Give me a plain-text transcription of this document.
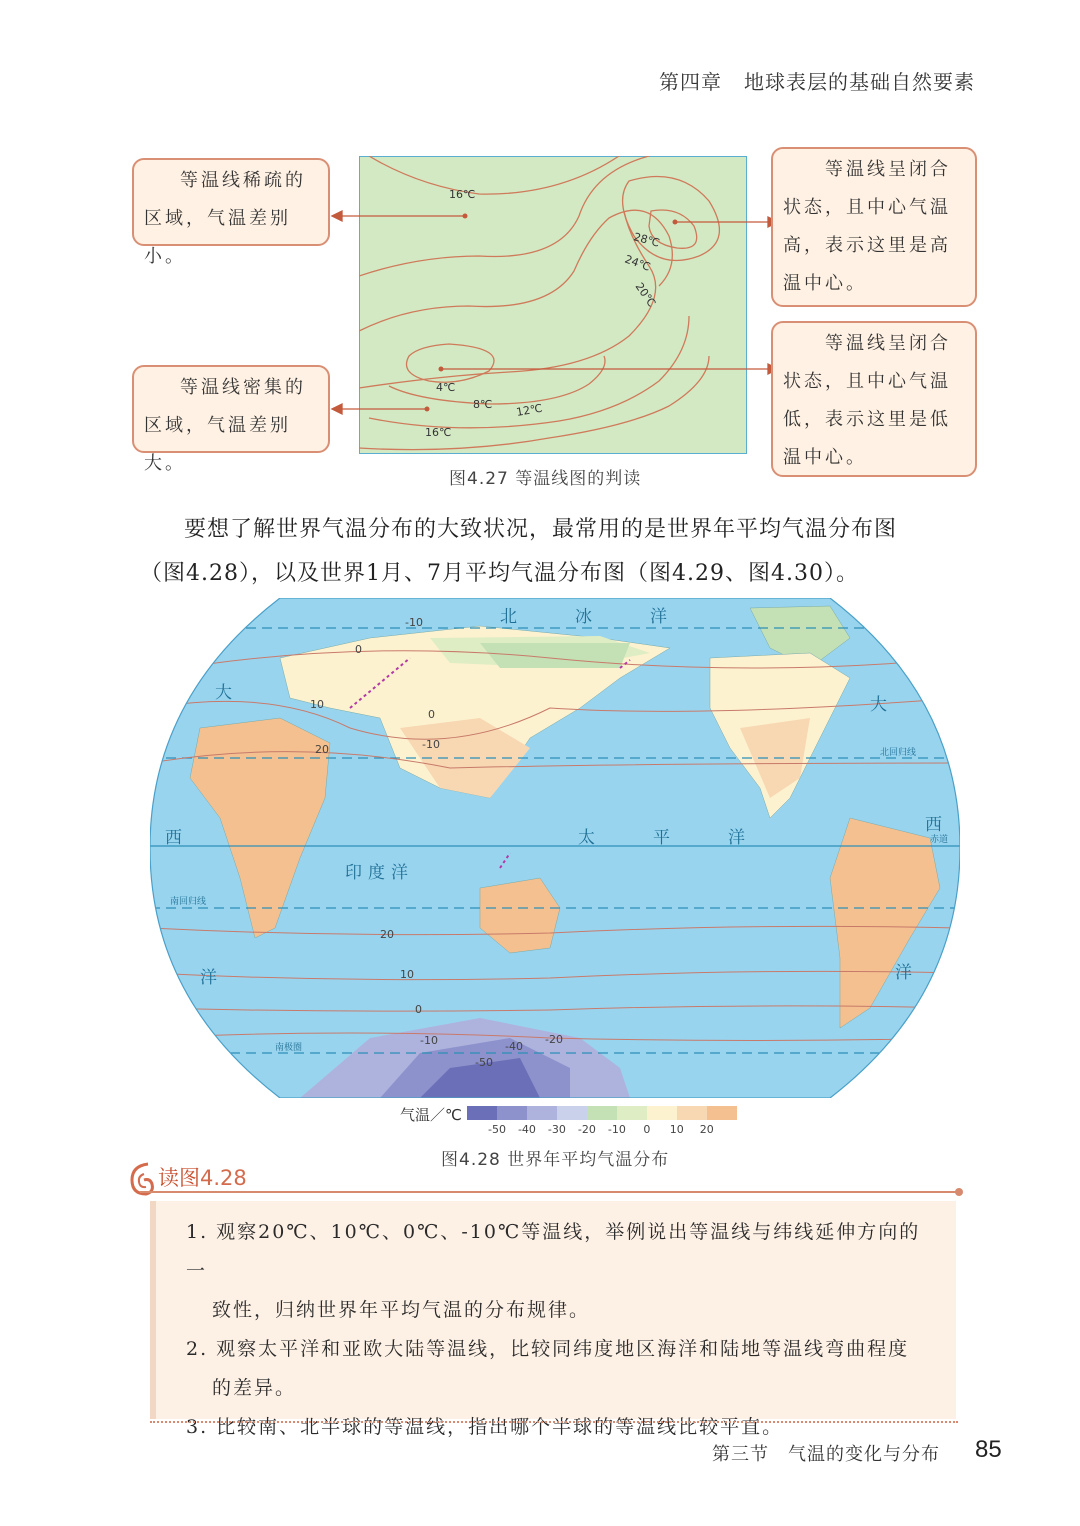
第四章 地球表层的基础自然要素
16℃
28℃
24℃
20℃
4℃
8℃ 12℃
16℃
等温线稀疏的
区域，气温差别小。
等温线密集的
区域，气温差别大。
等温线呈闭合
状态，且中心气温
高，表示这里是高
温中心。
等温线呈闭合
状态，且中心气温
低，表示这里是低
温中心。
图4.27 等温线图的判读
要想了解世界气温分布的大致状况，最常用的是世界年平均气温分布图
（图4.28），以及世界1月、7月平均气温分布图（图4.29、图4.30）。
北	冰	洋
大
西
洋
大
西
洋
太	平	洋
印度洋
北回归线
赤道
南回归线
南极圈
-10
0
10
20
0
-10
20
10
0
-10	-40
-50
-20
气温／℃
-50 -40 -30 -20 -10 0 10 20
图4.28 世界年平均气温分布
读图4.28
1. 观察20℃、10℃、0℃、-10℃等温线，举例说出等温线与纬线延伸方向的一
致性，归纳世界年平均气温的分布规律。
2. 观察太平洋和亚欧大陆等温线，比较同纬度地区海洋和陆地等温线弯曲程度
的差异。
3. 比较南、北半球的等温线，指出哪个半球的等温线比较平直。
第三节　气温的变化与分布 85
